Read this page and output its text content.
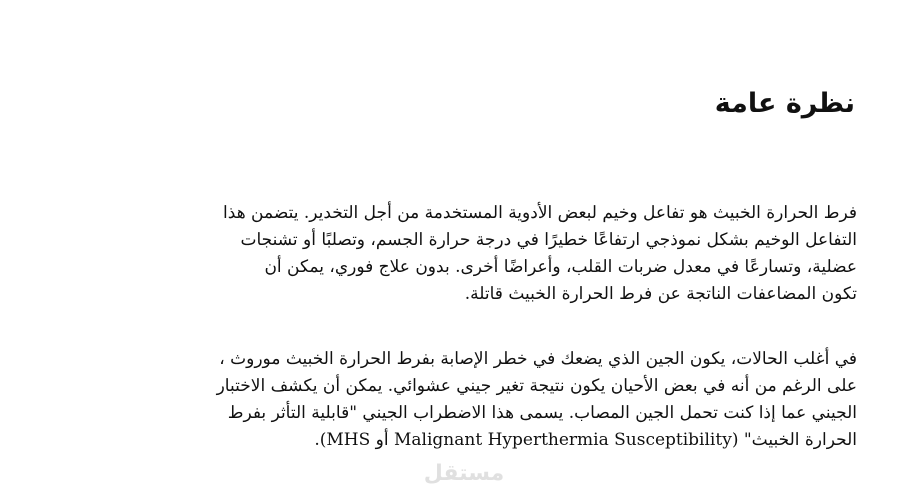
نظرة عامة
فرط الحرارة الخبيث هو تفاعل وخيم لبعض الأدوية المستخدمة من أجل التخدير. يتضمن هذا
التفاعل الوخيم بشكل نموذجي ارتفاعًا خطيرًا في درجة حرارة الجسم، وتصلبًا أو تشنجات
عضلية، وتسارعًا في معدل ضربات القلب، وأعراضًا أخرى. بدون علاج فوري، يمكن أن
تكون المضاعفات الناتجة عن فرط الحرارة الخبيث قاتلة.
في أغلب الحالات، يكون الجين الذي يضعك في خطر الإصابة بفرط الحرارة الخبيث موروث ،
على الرغم من أنه في بعض الأحيان يكون نتيجة تغير جيني عشوائي. يمكن أن يكشف الاختبار
الجيني عما إذا كنت تحمل الجين المصاب. يسمى هذا الاضطراب الجيني "قابلية التأثر بفرط
الحرارة الخبيث" (Malignant Hyperthermia Susceptibility أو MHS).
مستقل
